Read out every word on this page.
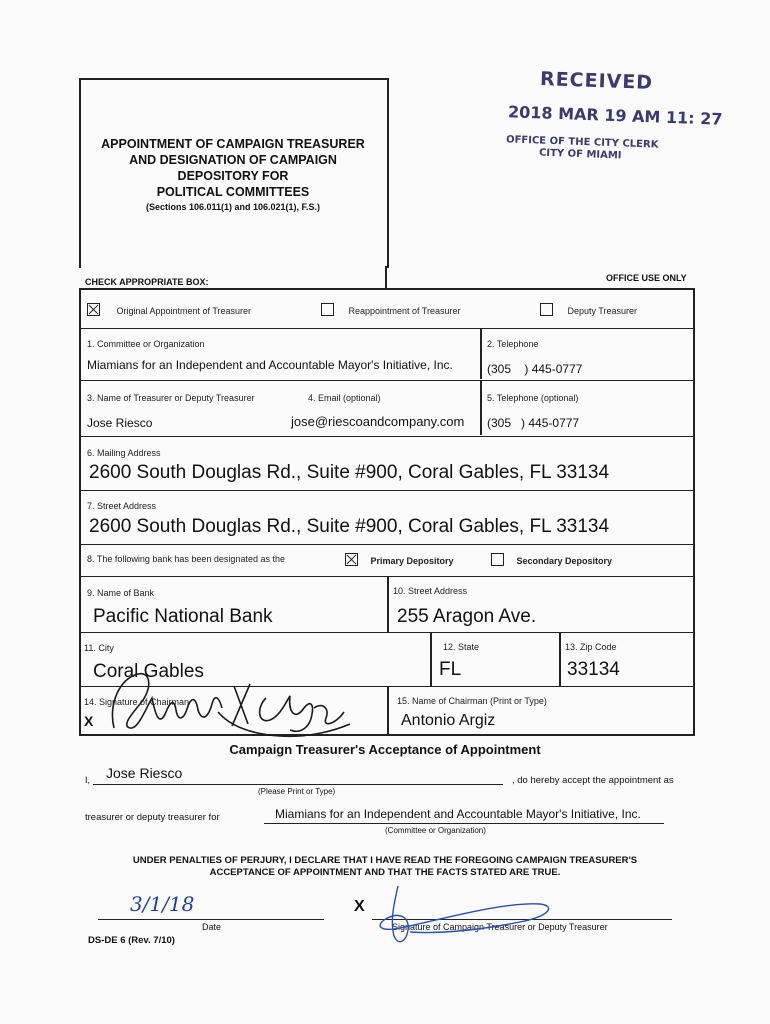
APPOINTMENT OF CAMPAIGN TREASURER
AND DESIGNATION OF CAMPAIGN
DEPOSITORY FOR
POLITICAL COMMITTEES
(Sections 106.011(1) and 106.021(1), F.S.)
RECEIVED
2018 MAR 19 AM 11: 27
OFFICE OF THE CITY CLERK
CITY OF MIAMI
CHECK APPROPRIATE BOX:	OFFICE USE ONLY
Original Appointment of Treasurer	Reappointment of Treasurer	Deputy Treasurer
1. Committee or Organization
Miamians for an Independent and Accountable Mayor's Initiative, Inc.
2. Telephone
(305 ) 445-0777
3. Name of Treasurer or Deputy Treasurer	4. Email (optional)
Jose Riesco	jose@riescoandcompany.com
5. Telephone (optional)
(305 ) 445-0777
6. Mailing Address
2600 South Douglas Rd., Suite #900, Coral Gables, FL 33134
7. Street Address
2600 South Douglas Rd., Suite #900, Coral Gables, FL 33134
8. The following bank has been designated as the	Primary Depository	Secondary Depository
9. Name of Bank
Pacific National Bank
10. Street Address
255 Aragon Ave.
11. City
Coral Gables
12. State
FL
13. Zip Code
33134
14. Signature of Chairman
X
15. Name of Chairman (Print or Type)
Antonio Argiz
Campaign Treasurer's Acceptance of Appointment
I, Jose Riesco	, do hereby accept the appointment as
(Please Print or Type)
treasurer or deputy treasurer for	Miamians for an Independent and Accountable Mayor's Initiative, Inc.
(Committee or Organization)
UNDER PENALTIES OF PERJURY, I DECLARE THAT I HAVE READ THE FOREGOING CAMPAIGN TREASURER'S
ACCEPTANCE OF APPOINTMENT AND THAT THE FACTS STATED ARE TRUE.
3/1/18
Date
X
Signature of Campaign Treasurer or Deputy Treasurer
DS-DE 6 (Rev. 7/10)
